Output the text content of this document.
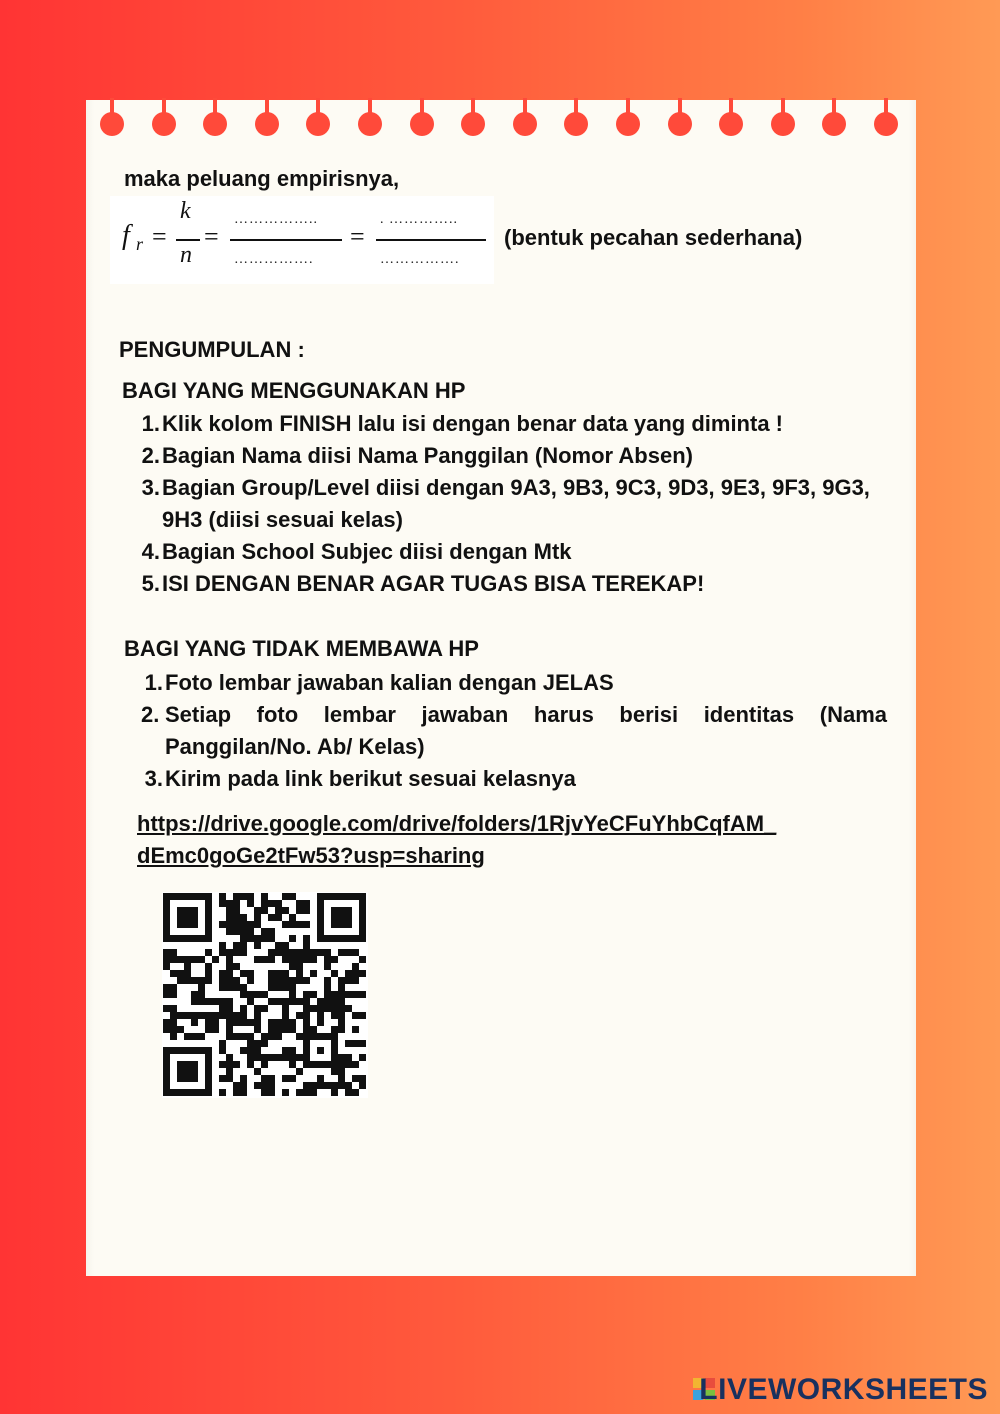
maka peluang empirisnya,
f r =
k
n
=
……………..
…………….
=
. …………..
…………….
(bentuk pecahan sederhana)
PENGUMPULAN :
BAGI YANG MENGGUNAKAN HP
1. Klik kolom FINISH lalu isi dengan benar data yang diminta !
2. Bagian Nama diisi Nama Panggilan (Nomor Absen)
3. Bagian Group/Level diisi dengan 9A3, 9B3, 9C3, 9D3, 9E3, 9F3, 9G3, 9H3 (diisi sesuai kelas)
4. Bagian School Subjec diisi dengan Mtk
5. ISI DENGAN BENAR AGAR TUGAS BISA TEREKAP!
BAGI YANG TIDAK MEMBAWA HP
1. Foto lembar jawaban kalian dengan JELAS
2. Setiap foto lembar jawaban harus berisi identitas (Nama Panggilan/No. Ab/ Kelas)
3. Kirim pada link berikut sesuai kelasnya
https://drive.google.com/drive/folders/1RjvYeCFuYhbCqfAM_
dEmc0goGe2tFw53?usp=sharing
LIVEWORKSHEETS
